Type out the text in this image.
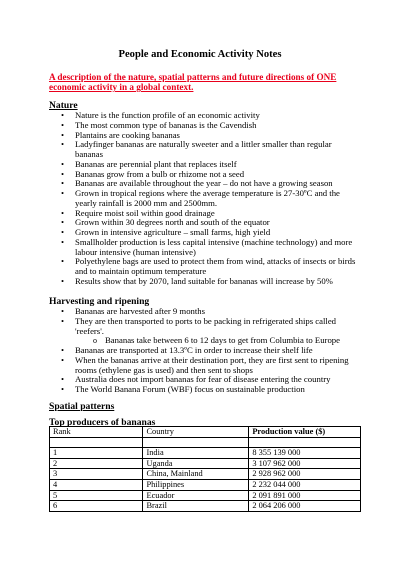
People and Economic Activity Notes
A description of the nature, spatial patterns and future directions of ONE economic activity in a global context.
Nature
• Nature is the function profile of an economic activity
• The most common type of bananas is the Cavendish
• Plantains are cooking bananas
• Ladyfinger bananas are naturally sweeter and a littler smaller than regular bananas
• Bananas are perennial plant that replaces itself
• Bananas grow from a bulb or rhizome not a seed
• Bananas are available throughout the year – do not have a growing season
• Grown in tropical regions where the average temperature is 27-30ºC and the yearly rainfall is 2000 mm and 2500mm.
• Require moist soil within good drainage
• Grown within 30 degrees north and south of the equator
• Grown in intensive agriculture – small farms, high yield
• Smallholder production is less capital intensive (machine technology) and more labour intensive (human intensive)
• Polyethylene bags are used to protect them from wind, attacks of insects or birds and to maintain optimum temperature
• Results show that by 2070, land suitable for bananas will increase by 50%
Harvesting and ripening
• Bananas are harvested after 9 months
• They are then transported to ports to be packing in refrigerated ships called 'reefers'.
o Bananas take between 6 to 12 days to get from Columbia to Europe
• Bananas are transported at 13.3ºC in order to increase their shelf life
• When the bananas arrive at their destination port, they are first sent to ripening rooms (ethylene gas is used) and then sent to shops
• Australia does not import bananas for fear of disease entering the country
• The World Banana Forum (WBF) focus on sustainable production
Spatial patterns
Top producers of bananas
Rank	Country	Production value ($)

1	India	8 355 139 000
2	Uganda	3 107 962 000
3	China, Mainland	2 928 962 000
4	Philippines	2 232 044 000
5	Ecuador	2 091 891 000
6	Brazil	2 064 206 000
